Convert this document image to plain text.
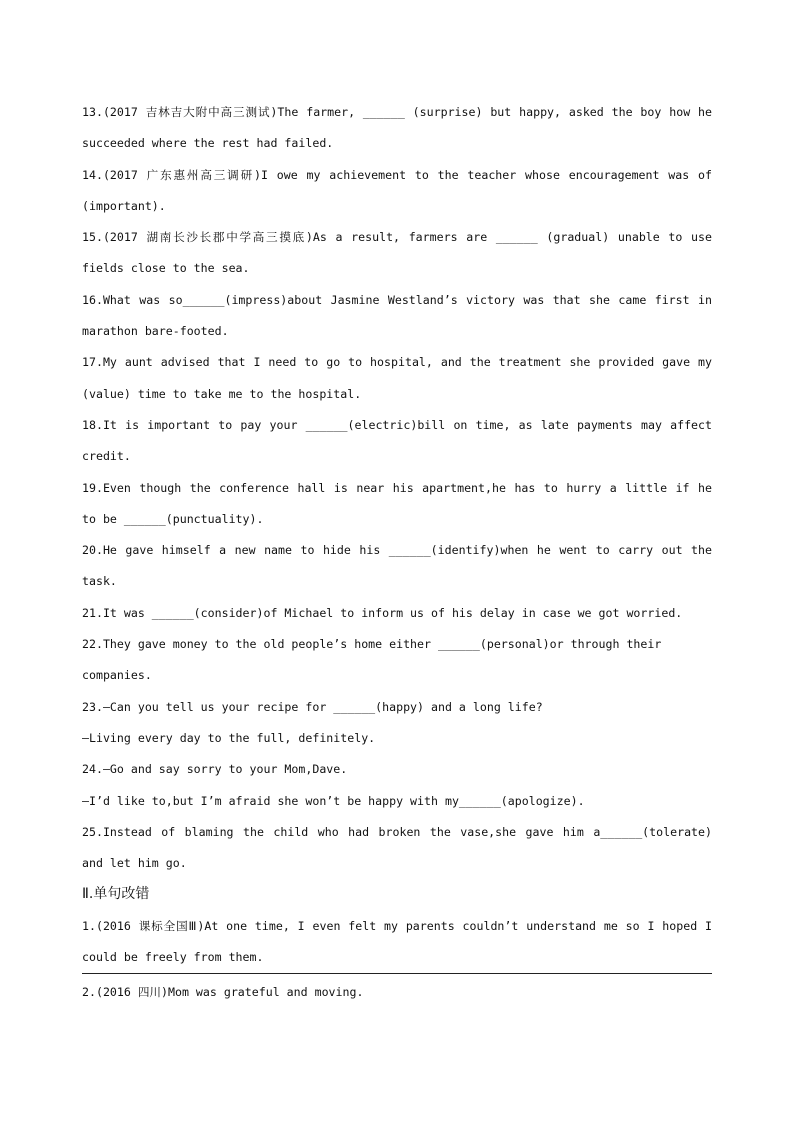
13.(2017 吉林吉大附中高三测试)The farmer, ______ (surprise) but happy, asked the boy how he
succeeded where the rest had failed.
14.(2017 广东惠州高三调研)I owe my achievement to the teacher whose encouragement was of
(important).
15.(2017 湖南长沙长郡中学高三摸底)As a result, farmers are ______ (gradual) unable to use
fields close to the sea.
16.What was so______(impress)about Jasmine Westland’s victory was that she came first in
marathon bare-footed.
17.My aunt advised that I need to go to hospital, and the treatment she provided gave my
(value) time to take me to the hospital.
18.It is important to pay your ______(electric)bill on time, as late payments may affect
credit.
19.Even though the conference hall is near his apartment,he has to hurry a little if he
to be ______(punctuality).
20.He gave himself a new name to hide his ______(identify)when he went to carry out the
task.
21.It was ______(consider)of Michael to inform us of his delay in case we got worried.
22.They gave money to the old people’s home either ______(personal)or through their
companies.
23.—Can you tell us your recipe for ______(happy) and a long life?
—Living every day to the full, definitely.
24.—Go and say sorry to your Mom,Dave.
—I’d like to,but I’m afraid she won’t be happy with my______(apologize).
25.Instead of blaming the child who had broken the vase,she gave him a______(tolerate)
and let him go.
Ⅱ.单句改错
1.(2016 课标全国Ⅲ)At one time, I even felt my parents couldn’t understand me so I hoped I
could be freely from them.
2.(2016 四川)Mom was grateful and moving.
